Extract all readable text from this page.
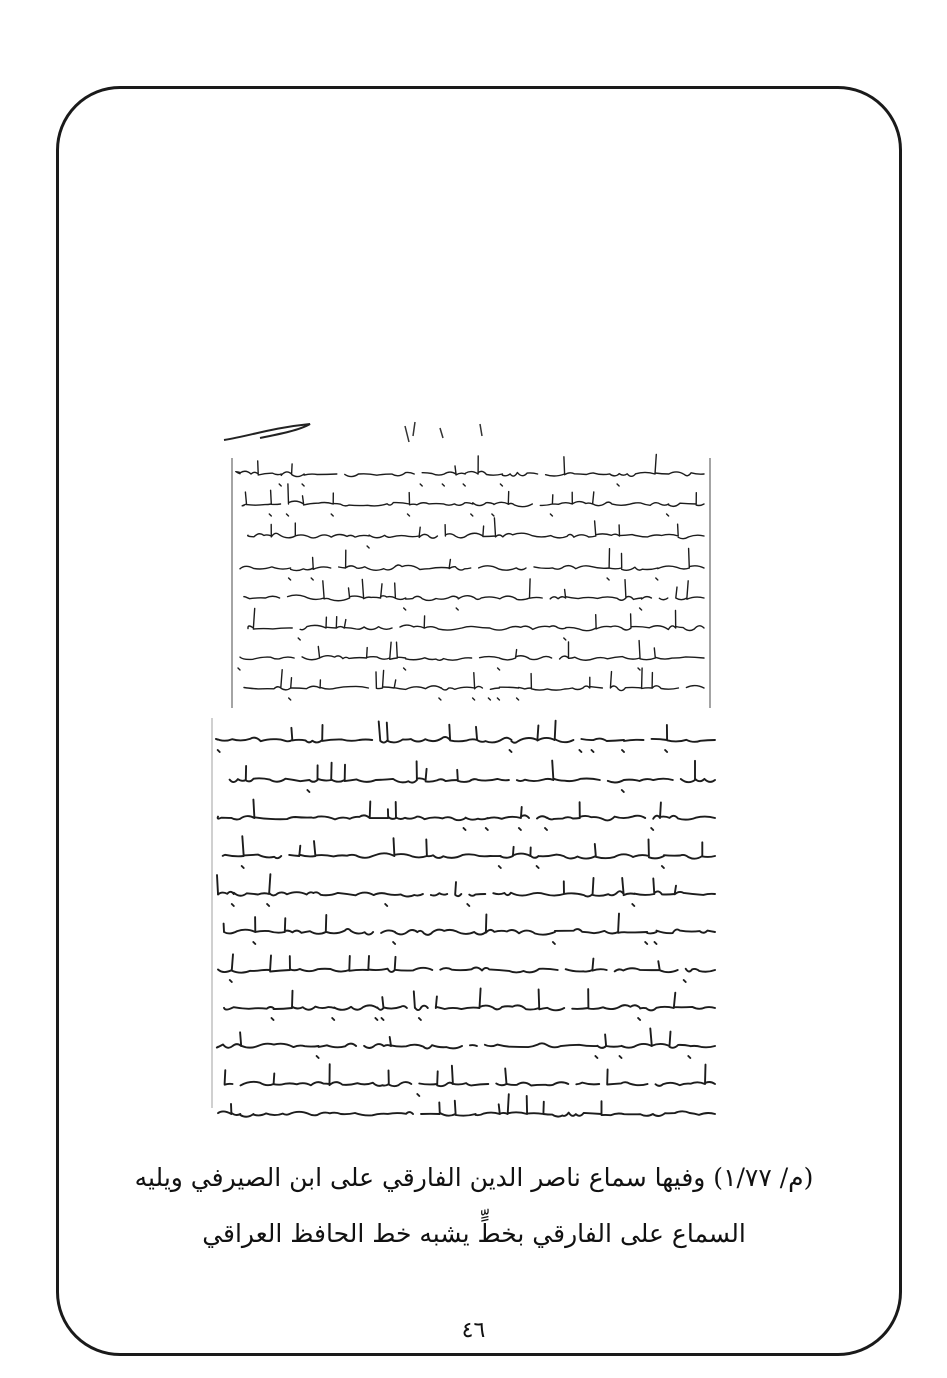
(م/ ١/٧٧) وفيها سماع ناصر الدين الفارقي على ابن الصيرفي ويليه
السماع على الفارقي بخطٍّ يشبه خط الحافظ العراقي
٤٦
